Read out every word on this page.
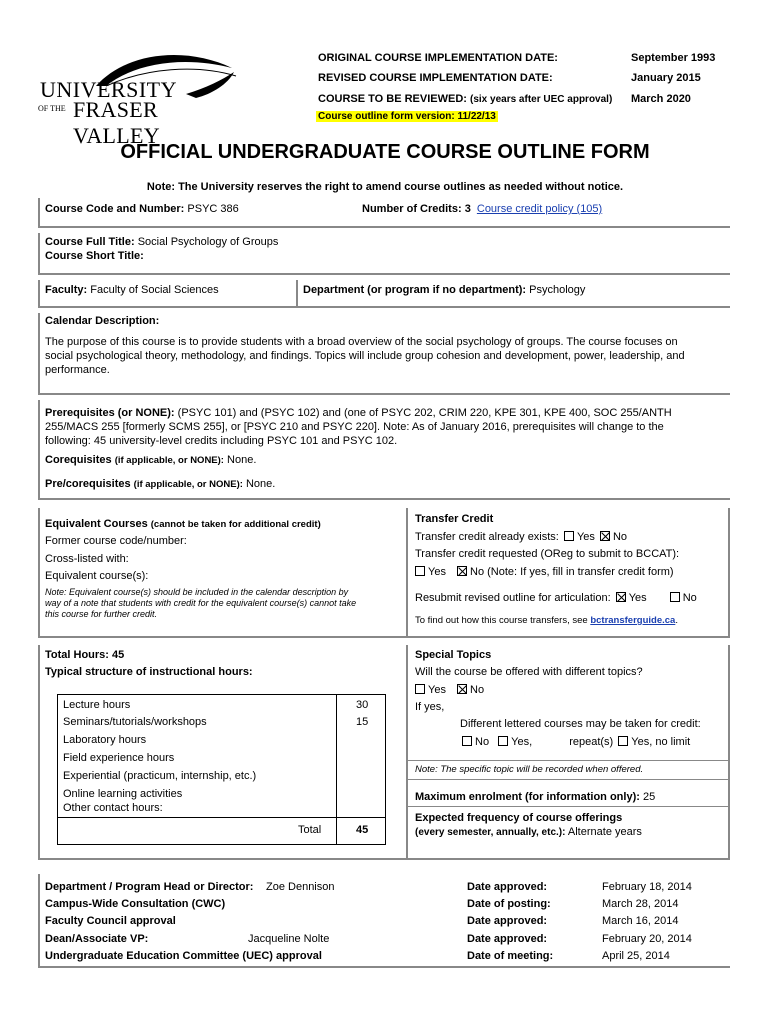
UNIVERSITY
OF THE FRASER VALLEY
ORIGINAL COURSE IMPLEMENTATION DATE:	September 1993
REVISED COURSE IMPLEMENTATION DATE:	January 2015
COURSE TO BE REVIEWED: (six years after UEC approval) March 2020
Course outline form version: 11/22/13
OFFICIAL UNDERGRADUATE COURSE OUTLINE FORM
Note: The University reserves the right to amend course outlines as needed without notice.
Course Code and Number: PSYC 386	Number of Credits: 3 Course credit policy (105)
Course Full Title: Social Psychology of Groups
Course Short Title:
Faculty: Faculty of Social Sciences	Department (or program if no department): Psychology
Calendar Description:
The purpose of this course is to provide students with a broad overview of the social psychology of groups. The course focuses on
social psychological theory, methodology, and findings. Topics will include group cohesion and development, power, leadership, and
performance.
Prerequisites (or NONE): (PSYC 101) and (PSYC 102) and (one of PSYC 202, CRIM 220, KPE 301, KPE 400, SOC 255/ANTH
255/MACS 255 [formerly SCMS 255], or [PSYC 210 and PSYC 220]. Note: As of January 2016, prerequisites will change to the
following: 45 university-level credits including PSYC 101 and PSYC 102.
Corequisites (if applicable, or NONE): None.
Pre/corequisites (if applicable, or NONE): None.
Equivalent Courses (cannot be taken for additional credit)
Former course code/number:
Cross-listed with:
Equivalent course(s):
Note: Equivalent course(s) should be included in the calendar description by
way of a note that students with credit for the equivalent course(s) cannot take
this course for further credit.
Transfer Credit
Transfer credit already exists: Yes No
Transfer credit requested (OReg to submit to BCCAT):
Yes No (Note: If yes, fill in transfer credit form)
Resubmit revised outline for articulation: Yes	No
To find out how this course transfers, see bctransferguide.ca.
Total Hours: 45
Typical structure of instructional hours:
Lecture hours	30
Seminars/tutorials/workshops	15
Laboratory hours
Field experience hours
Experiential (practicum, internship, etc.)
Online learning activities
Other contact hours:
Total	45
Special Topics
Will the course be offered with different topics?
Yes No
If yes,
Different lettered courses may be taken for credit:
No Yes,	repeat(s) Yes, no limit
Note: The specific topic will be recorded when offered.
Maximum enrolment (for information only): 25
Expected frequency of course offerings
(every semester, annually, etc.): Alternate years
Department / Program Head or Director: Zoe Dennison	Date approved:	February 18, 2014
Campus-Wide Consultation (CWC)	Date of posting:	March 28, 2014
Faculty Council approval	Date approved:	March 16, 2014
Dean/Associate VP:	Jacqueline Nolte	Date approved:	February 20, 2014
Undergraduate Education Committee (UEC) approval	Date of meeting:	April 25, 2014
